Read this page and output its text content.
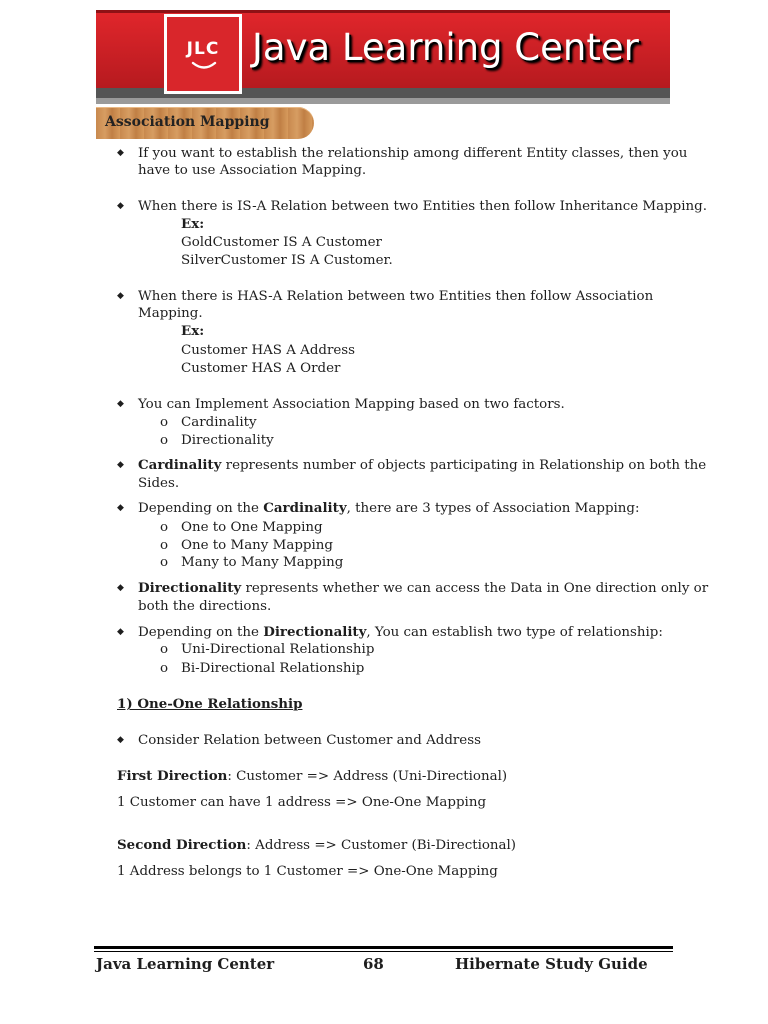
JLC Java Learning Center
Association Mapping
◆ If you want to establish the relationship among different Entity classes, then you
have to use Association Mapping.
◆ When there is IS-A Relation between two Entities then follow Inheritance Mapping.
Ex:
GoldCustomer IS A Customer
SilverCustomer IS A Customer.
◆ When there is HAS-A Relation between two Entities then follow Association
Mapping.
Ex:
Customer HAS A Address
Customer HAS A Order
◆ You can Implement Association Mapping based on two factors.
o Cardinality
o Directionality
◆ Cardinality represents number of objects participating in Relationship on both the
Sides.
◆ Depending on the Cardinality, there are 3 types of Association Mapping:
o One to One Mapping
o One to Many Mapping
o Many to Many Mapping
◆ Directionality represents whether we can access the Data in One direction only or
both the directions.
◆ Depending on the Directionality, You can establish two type of relationship:
o Uni-Directional Relationship
o Bi-Directional Relationship
1) One-One Relationship
◆ Consider Relation between Customer and Address
First Direction: Customer => Address (Uni-Directional)
1 Customer can have 1 address => One-One Mapping
Second Direction: Address => Customer (Bi-Directional)
1 Address belongs to 1 Customer => One-One Mapping
Java Learning Center	68	Hibernate Study Guide
